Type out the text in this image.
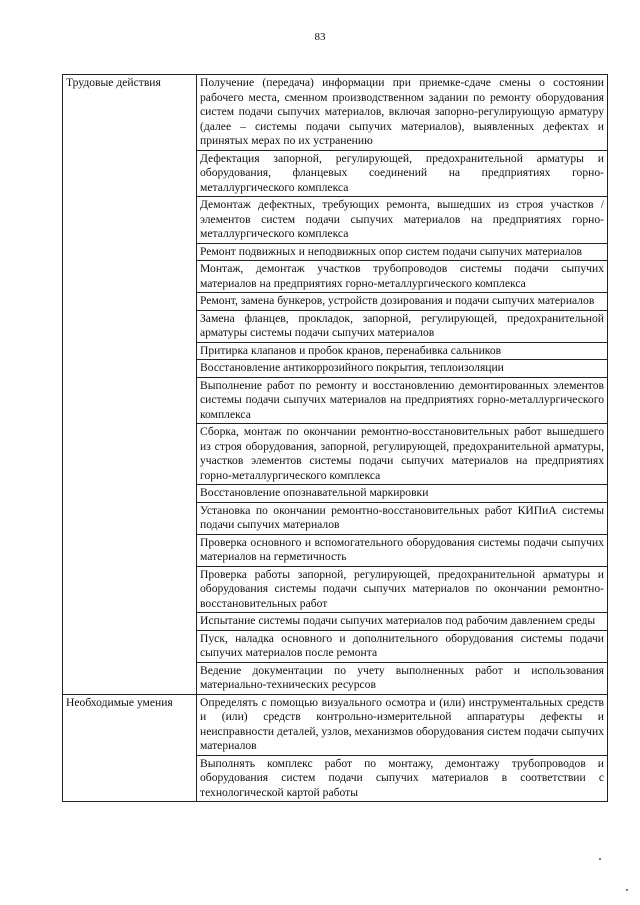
83
Трудовые действия	Получение (передача) информации при приемке-сдаче смены о состоянии рабочего места, сменном производственном задании по ремонту оборудования систем подачи сыпучих материалов, включая запорно-регулирующую арматуру (далее – системы подачи сыпучих материалов), выявленных дефектах и принятых мерах по их устранению
	Дефектация запорной, регулирующей, предохранительной арматуры и оборудования, фланцевых соединений на предприятиях горно-металлургического комплекса
	Демонтаж дефектных, требующих ремонта, вышедших из строя участков / элементов систем подачи сыпучих материалов на предприятиях горно-металлургического комплекса
	Ремонт подвижных и неподвижных опор систем подачи сыпучих материалов
	Монтаж, демонтаж участков трубопроводов системы подачи сыпучих материалов на предприятиях горно-металлургического комплекса
	Ремонт, замена бункеров, устройств дозирования и подачи сыпучих материалов
	Замена фланцев, прокладок, запорной, регулирующей, предохранительной арматуры системы подачи сыпучих материалов
	Притирка клапанов и пробок кранов, перенабивка сальников
	Восстановление антикоррозийного покрытия, теплоизоляции
	Выполнение работ по ремонту и восстановлению демонтированных элементов системы подачи сыпучих материалов на предприятиях горно-металлургического комплекса
	Сборка, монтаж по окончании ремонтно-восстановительных работ вышедшего из строя оборудования, запорной, регулирующей, предохранительной арматуры, участков элементов системы подачи сыпучих материалов на предприятиях горно-металлургического комплекса
	Восстановление опознавательной маркировки
	Установка по окончании ремонтно-восстановительных работ КИПиА системы подачи сыпучих материалов
	Проверка основного и вспомогательного оборудования системы подачи сыпучих материалов на герметичность
	Проверка работы запорной, регулирующей, предохранительной арматуры и оборудования системы подачи сыпучих материалов по окончании ремонтно-восстановительных работ
	Испытание системы подачи сыпучих материалов под рабочим давлением среды
	Пуск, наладка основного и дополнительного оборудования системы подачи сыпучих материалов после ремонта
	Ведение документации по учету выполненных работ и использования материально-технических ресурсов
Необходимые умения	Определять с помощью визуального осмотра и (или) инструментальных средств и (или) средств контрольно-измерительной аппаратуры дефекты и неисправности деталей, узлов, механизмов оборудования систем подачи сыпучих материалов
	Выполнять комплекс работ по монтажу, демонтажу трубопроводов и оборудования систем подачи сыпучих материалов в соответствии с технологической картой работы
